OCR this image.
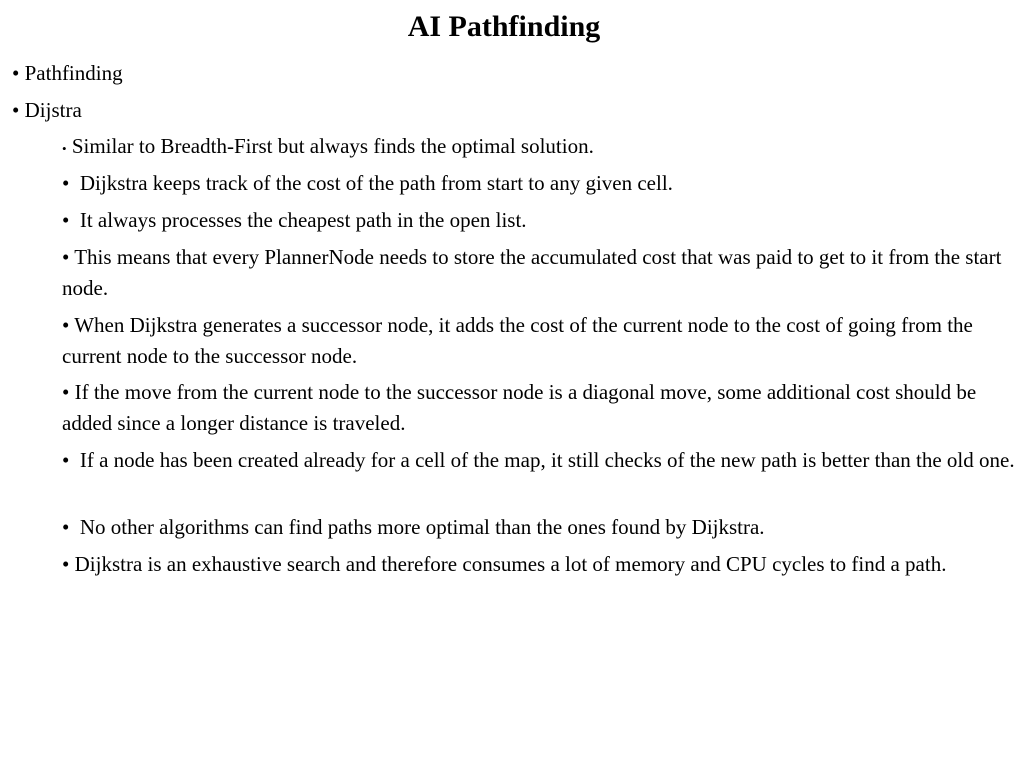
AI Pathfinding
• Pathfinding
• Dijstra
• Similar to Breadth-First but always finds the optimal solution.
•  Dijkstra keeps track of the cost of the path from start to any given cell.
•  It always processes the cheapest path in the open list.
• This means that every PlannerNode needs to store the accumulated cost that was paid to get to it from the start node.
• When Dijkstra generates a successor node, it adds the cost of the current node to the cost of going from the current node to the successor node.
• If the move from the current node to the successor node is a diagonal move, some additional cost should be added since a longer distance is traveled.
•  If a node has been created already for a cell of the map, it still checks of the new path is better than the old one.
•  No other algorithms can find paths more optimal than the ones found by Dijkstra.
• Dijkstra is an exhaustive search and therefore consumes a lot of memory and CPU cycles to find a path.
